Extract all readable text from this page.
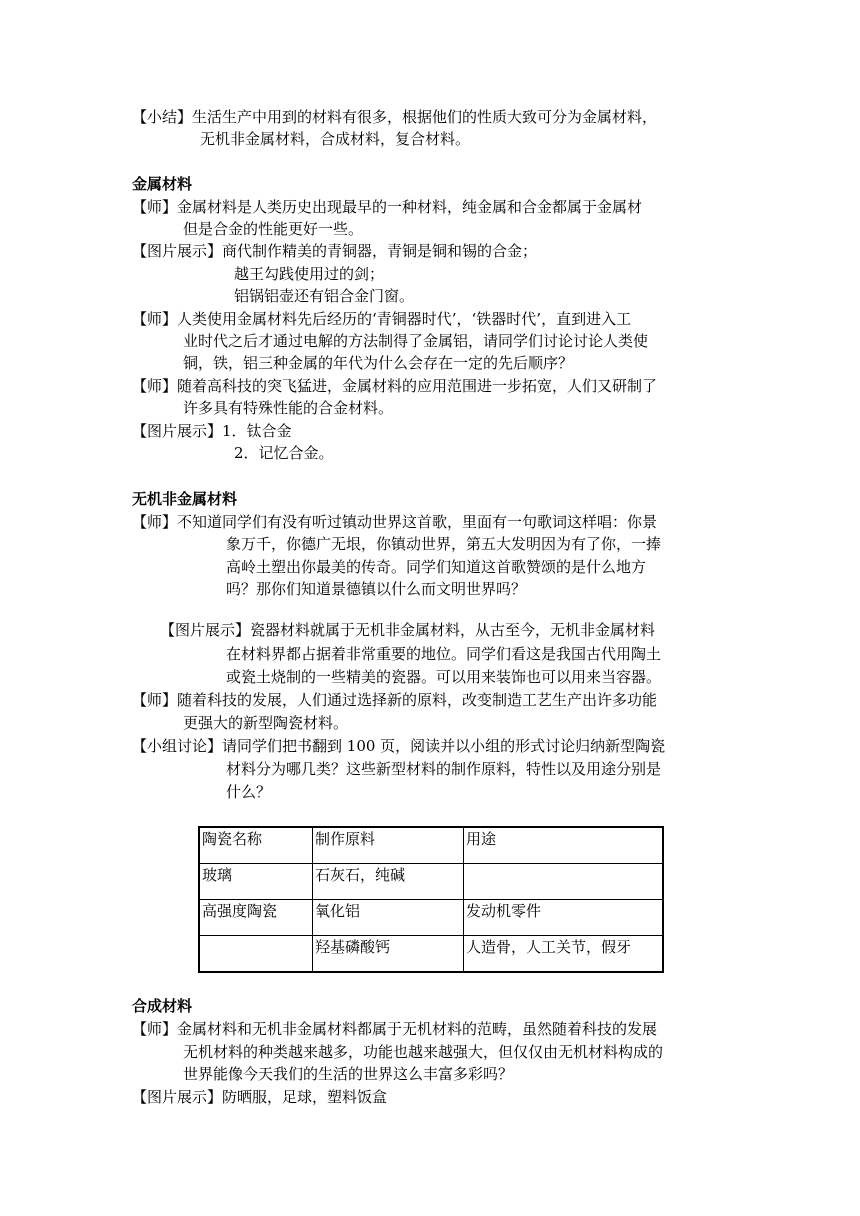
【小结】生活生产中用到的材料有很多，根据他们的性质大致可分为金属材料，
无机非金属材料，合成材料，复合材料。
金属材料
【师】金属材料是人类历史出现最早的一种材料，纯金属和合金都属于金属材
但是合金的性能更好一些。
【图片展示】商代制作精美的青铜器，青铜是铜和锡的合金；
越王勾践使用过的剑；
铝锅铝壶还有铝合金门窗。
【师】人类使用金属材料先后经历的‘青铜器时代’，‘铁器时代’，直到进入工
业时代之后才通过电解的方法制得了金属铝，请同学们讨论讨论人类使
铜，铁，铝三种金属的年代为什么会存在一定的先后顺序？
【师】随着高科技的突飞猛进，金属材料的应用范围进一步拓宽，人们又研制了
许多具有特殊性能的合金材料。
【图片展示】1．钛合金
2．记忆合金。
无机非金属材料
【师】不知道同学们有没有听过镇动世界这首歌，里面有一句歌词这样唱：你景
象万千，你德广无垠，你镇动世界，第五大发明因为有了你，一捧
高岭土塑出你最美的传奇。同学们知道这首歌赞颂的是什么地方
吗？那你们知道景德镇以什么而文明世界吗？
【图片展示】瓷器材料就属于无机非金属材料，从古至今，无机非金属材料
在材料界都占据着非常重要的地位。同学们看这是我国古代用陶土
或瓷土烧制的一些精美的瓷器。可以用来装饰也可以用来当容器。
【师】随着科技的发展，人们通过选择新的原料，改变制造工艺生产出许多功能
更强大的新型陶瓷材料。
【小组讨论】请同学们把书翻到 100 页，阅读并以小组的形式讨论归纳新型陶瓷
材料分为哪几类？这些新型材料的制作原料，特性以及用途分别是
什么？
陶瓷名称	制作原料	用途
玻璃	石灰石，纯碱	
高强度陶瓷	氧化铝	发动机零件
	羟基磷酸钙	人造骨，人工关节，假牙
合成材料
【师】金属材料和无机非金属材料都属于无机材料的范畴，虽然随着科技的发展
无机材料的种类越来越多，功能也越来越强大，但仅仅由无机材料构成的
世界能像今天我们的生活的世界这么丰富多彩吗？
【图片展示】防晒服，足球，塑料饭盒
